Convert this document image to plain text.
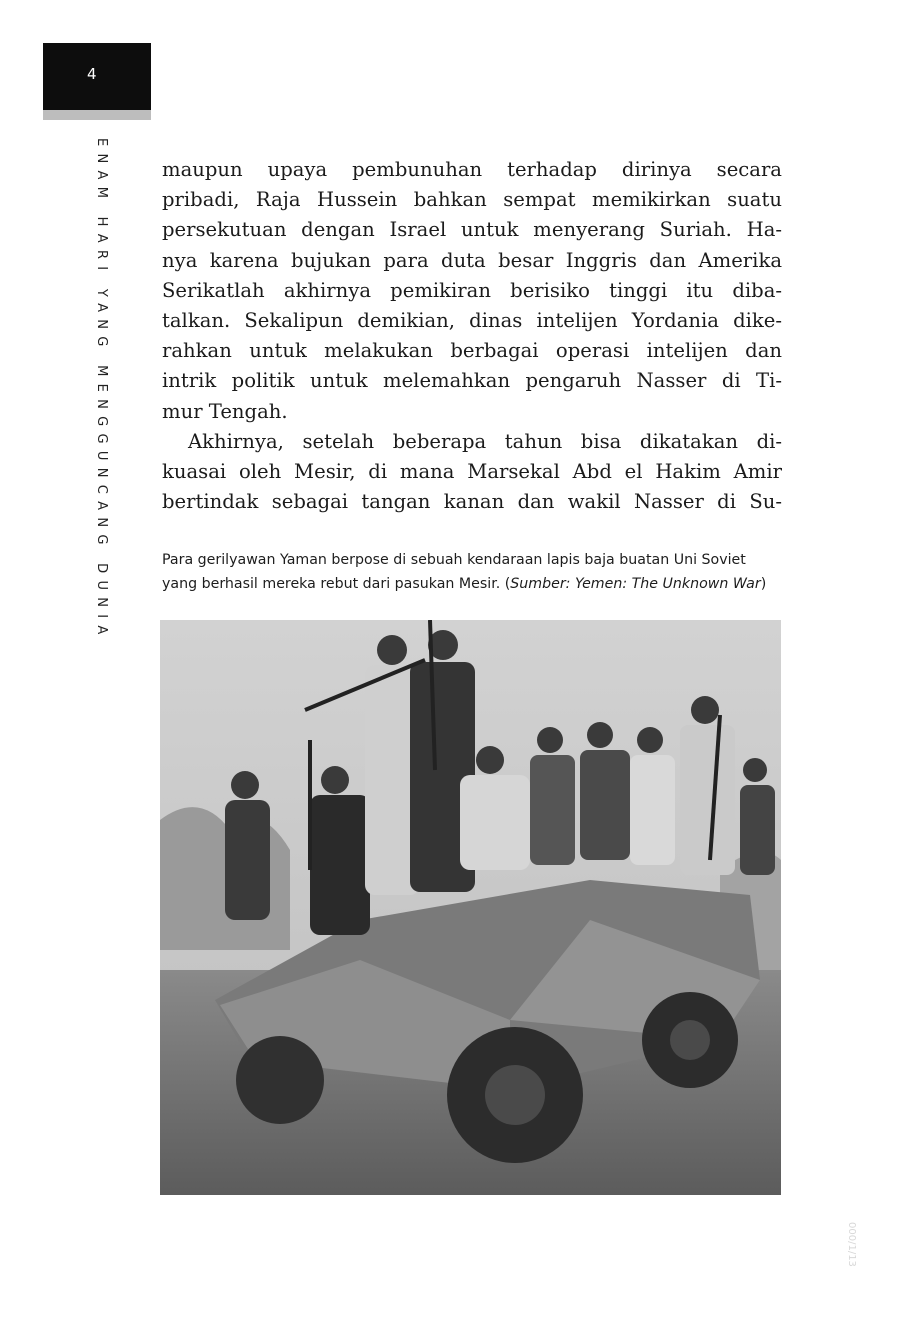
4
ENAM HARI YANG MENGGUNCANG DUNIA	maupun upaya pembunuhan terhadap dirinya secara
pribadi, Raja Hussein bahkan sempat memikirkan suatu
persekutuan dengan Israel untuk menyerang Suriah. Ha-
nya karena bujukan para duta besar Inggris dan Amerika
Serikatlah akhirnya pemikiran berisiko tinggi itu diba-
talkan. Sekalipun demikian, dinas intelijen Yordania dike-
rahkan untuk melakukan berbagai operasi intelijen dan
intrik politik untuk melemahkan pengaruh Nasser di Ti-
mur Tengah.

Akhirnya, setelah beberapa tahun bisa dikatakan di-
kuasai oleh Mesir, di mana Marsekal Abd el Hakim Amir
bertindak sebagai tangan kanan dan wakil Nasser di Su-

Para gerilyawan Yaman berpose di sebuah kendaraan lapis baja buatan Uni Soviet yang berhasil mereka rebut dari pasukan Mesir. (Sumber: Yemen: The Unknown War)
000/1/13
